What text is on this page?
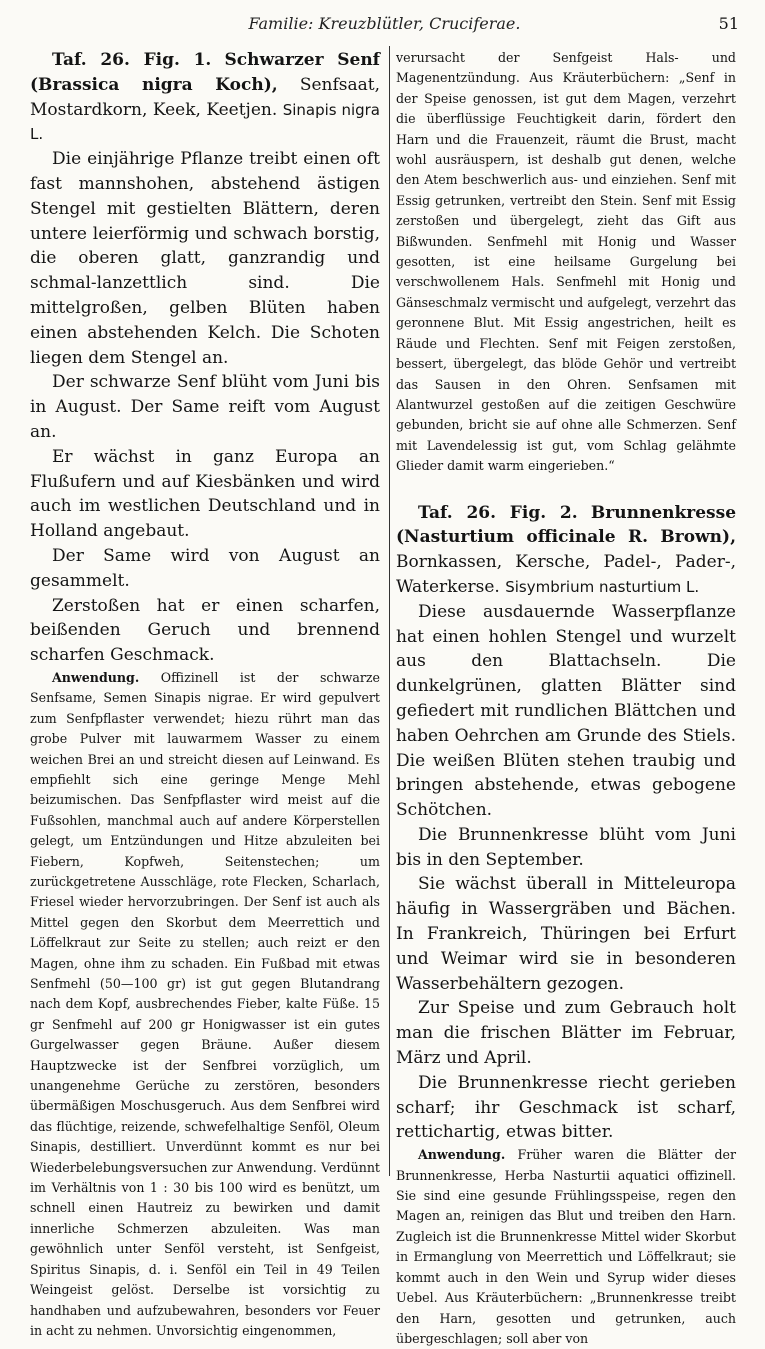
Familie: Kreuzblütler, Cruciferae.	51

Taf. 26. Fig. 1. Schwarzer Senf (Brassica nigra Koch), Senfsaat, Mostardkorn, Keek, Keetjen. Sinapis nigra L.

Die einjährige Pflanze treibt einen oft fast mannshohen, abstehend ästigen Stengel mit gestielten Blättern, deren untere leierförmig und schwach borstig, die oberen glatt, ganzrandig und schmal-lanzettlich sind. Die mittelgroßen, gelben Blüten haben einen abstehenden Kelch. Die Schoten liegen dem Stengel an.

Der schwarze Senf blüht vom Juni bis in August. Der Same reift vom August an.

Er wächst in ganz Europa an Flußufern und auf Kiesbänken und wird auch im westlichen Deutschland und in Holland angebaut.

Der Same wird von August an gesammelt.

Zerstoßen hat er einen scharfen, beißenden Geruch und brennend scharfen Geschmack.

Anwendung. Offizinell ist der schwarze Senfsame, Semen Sinapis nigrae. Er wird gepulvert zum Senfpflaster verwendet; hiezu rührt man das grobe Pulver mit lauwarmem Wasser zu einem weichen Brei an und streicht diesen auf Leinwand. Es empfiehlt sich eine geringe Menge Mehl beizumischen. Das Senfpflaster wird meist auf die Fußsohlen, manchmal auch auf andere Körperstellen gelegt, um Entzündungen und Hitze abzuleiten bei Fiebern, Kopfweh, Seitenstechen; um zurückgetretene Ausschläge, rote Flecken, Scharlach, Friesel wieder hervorzubringen. Der Senf ist auch als Mittel gegen den Skorbut dem Meerrettich und Löffelkraut zur Seite zu stellen; auch reizt er den Magen, ohne ihm zu schaden. Ein Fußbad mit etwas Senfmehl (50—100 gr) ist gut gegen Blutandrang nach dem Kopf, ausbrechendes Fieber, kalte Füße. 15 gr Senfmehl auf 200 gr Honigwasser ist ein gutes Gurgelwasser gegen Bräune. Außer diesem Hauptzwecke ist der Senfbrei vorzüglich, um unangenehme Gerüche zu zerstören, besonders übermäßigen Moschusgeruch. Aus dem Senfbrei wird das flüchtige, reizende, schwefelhaltige Senföl, Oleum Sinapis, destilliert. Unverdünnt kommt es nur bei Wiederbelebungsversuchen zur Anwendung. Verdünnt im Verhältnis von 1 : 30 bis 100 wird es benützt, um schnell einen Hautreiz zu bewirken und damit innerliche Schmerzen abzuleiten. Was man gewöhnlich unter Senföl versteht, ist Senfgeist, Spiritus Sinapis, d. i. Senföl ein Teil in 49 Teilen Weingeist gelöst. Derselbe ist vorsichtig zu handhaben und aufzubewahren, besonders vor Feuer in acht zu nehmen. Unvorsichtig eingenommen,

verursacht der Senfgeist Hals- und Magenentzündung. Aus Kräuterbüchern: „Senf in der Speise genossen, ist gut dem Magen, verzehrt die überflüssige Feuchtigkeit darin, fördert den Harn und die Frauenzeit, räumt die Brust, macht wohl ausräuspern, ist deshalb gut denen, welche den Atem beschwerlich aus- und einziehen. Senf mit Essig getrunken, vertreibt den Stein. Senf mit Essig zerstoßen und übergelegt, zieht das Gift aus Bißwunden. Senfmehl mit Honig und Wasser gesotten, ist eine heilsame Gurgelung bei verschwollenem Hals. Senfmehl mit Honig und Gänseschmalz vermischt und aufgelegt, verzehrt das geronnene Blut. Mit Essig angestrichen, heilt es Räude und Flechten. Senf mit Feigen zerstoßen, bessert, übergelegt, das blöde Gehör und vertreibt das Sausen in den Ohren. Senfsamen mit Alantwurzel gestoßen auf die zeitigen Geschwüre gebunden, bricht sie auf ohne alle Schmerzen. Senf mit Lavendelessig ist gut, vom Schlag gelähmte Glieder damit warm eingerieben.“

Taf. 26. Fig. 2. Brunnenkresse (Nasturtium officinale R. Brown), Bornkassen, Kersche, Padel-, Pader-, Waterkerse. Sisymbrium nasturtium L.

Diese ausdauernde Wasserpflanze hat einen hohlen Stengel und wurzelt aus den Blattachseln. Die dunkelgrünen, glatten Blätter sind gefiedert mit rundlichen Blättchen und haben Oehrchen am Grunde des Stiels. Die weißen Blüten stehen traubig und bringen abstehende, etwas gebogene Schötchen.

Die Brunnenkresse blüht vom Juni bis in den September.

Sie wächst überall in Mitteleuropa häufig in Wassergräben und Bächen. In Frankreich, Thüringen bei Erfurt und Weimar wird sie in besonderen Wasserbehältern gezogen.

Zur Speise und zum Gebrauch holt man die frischen Blätter im Februar, März und April.

Die Brunnenkresse riecht gerieben scharf; ihr Geschmack ist scharf, rettichartig, etwas bitter.

Anwendung. Früher waren die Blätter der Brunnenkresse, Herba Nasturtii aquatici offizinell. Sie sind eine gesunde Frühlingsspeise, regen den Magen an, reinigen das Blut und treiben den Harn. Zugleich ist die Brunnenkresse Mittel wider Skorbut in Ermanglung von Meerrettich und Löffelkraut; sie kommt auch in den Wein und Syrup wider dieses Uebel. Aus Kräuterbüchern: „Brunnenkresse treibt den Harn, gesotten und getrunken, auch übergeschlagen; soll aber von
